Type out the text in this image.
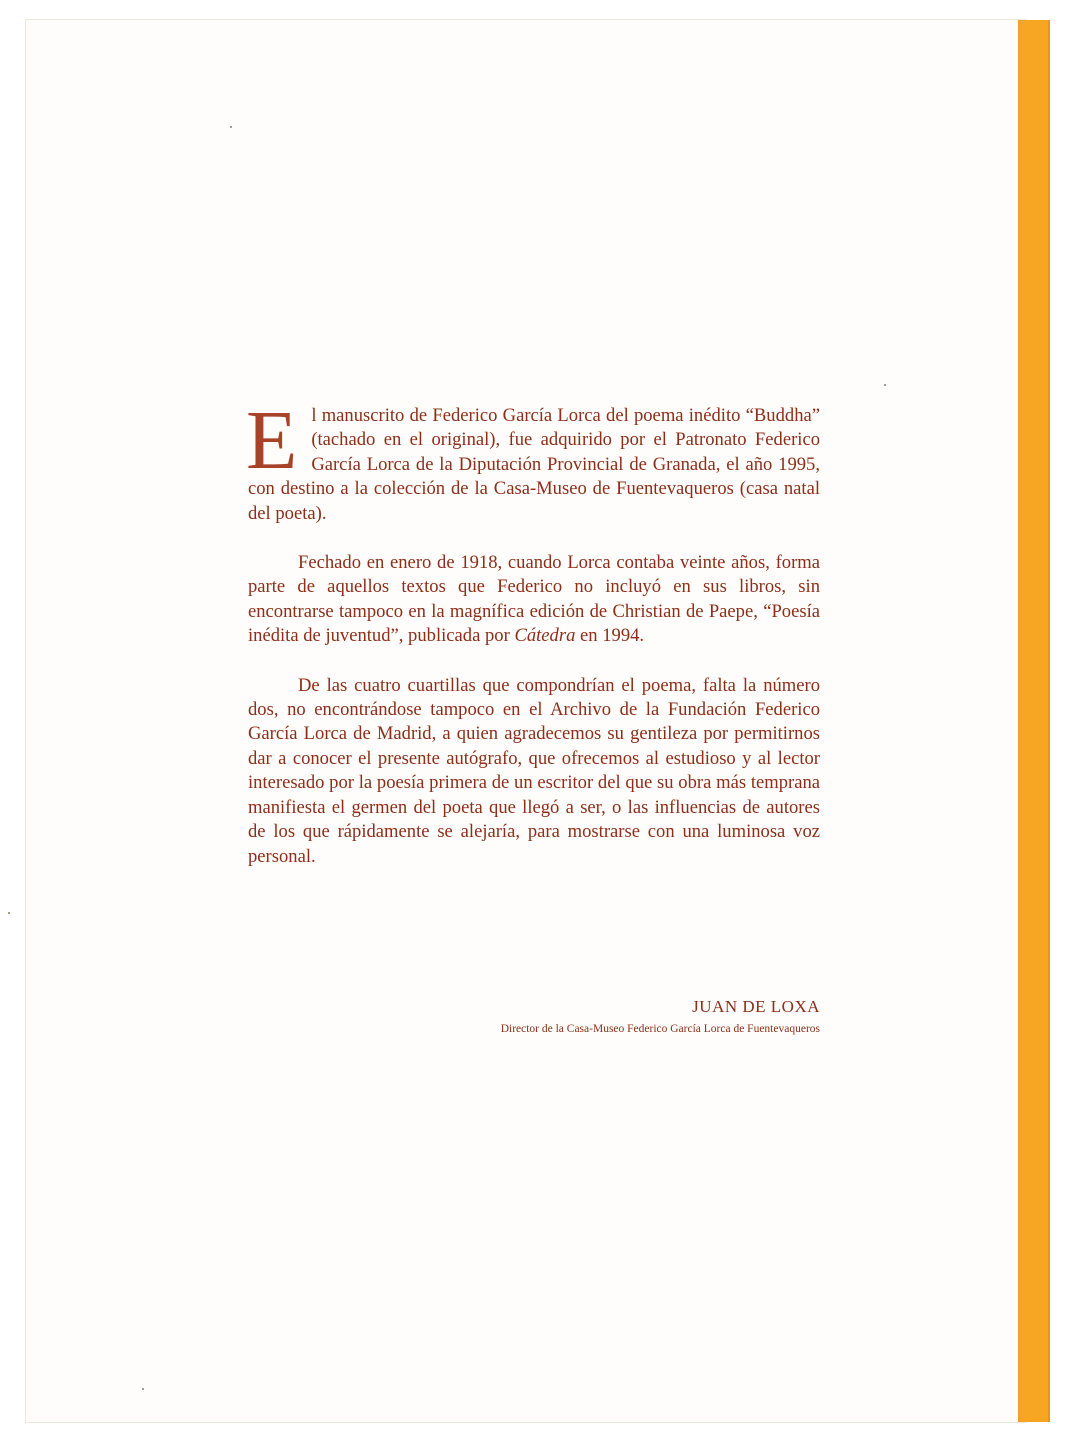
El manuscrito de Federico García Lorca del poema inédito “Buddha” (tachado en el original), fue adquirido por el Patronato Federico García Lorca de la Diputación Provincial de Granada, el año 1995, con destino a la colección de la Casa-Museo de Fuentevaqueros (casa natal del poeta).

Fechado en enero de 1918, cuando Lorca contaba veinte años, forma parte de aquellos textos que Federico no incluyó en sus libros, sin encontrarse tampoco en la magnífica edición de Christian de Paepe, “Poesía inédita de juventud”, publicada por Cátedra en 1994.

De las cuatro cuartillas que compondrían el poema, falta la número dos, no encontrándose tampoco en el Archivo de la Fundación Federico García Lorca de Madrid, a quien agradecemos su gentileza por permitirnos dar a conocer el presente autógrafo, que ofrecemos al estudioso y al lector interesado por la poesía primera de un escritor del que su obra más temprana manifiesta el germen del poeta que llegó a ser, o las influencias de autores de los que rápidamente se alejaría, para mostrarse con una luminosa voz personal.

JUAN DE LOXA
Director de la Casa-Museo Federico García Lorca de Fuentevaqueros
